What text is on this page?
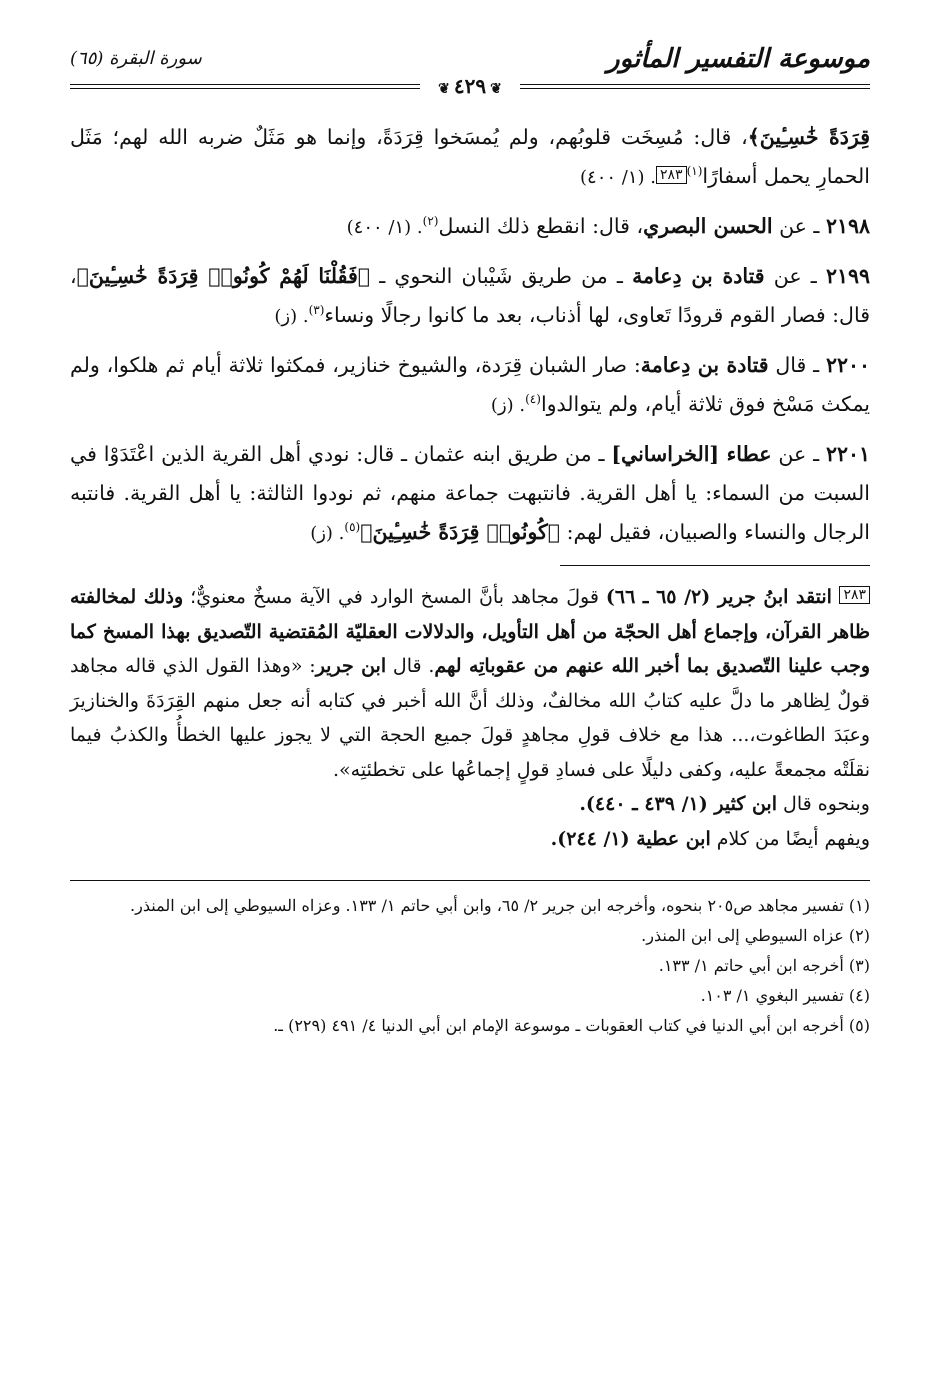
موسوعة التفسير المأثور
سورة البقرة (٦٥)
❦٤٢٩❦

قِرَدَةً خَٰسِـِٔينَ﴾، قال: مُسِخَت قلوبُهم، ولم يُمسَخوا قِرَدَةً، وإنما هو مَثَلٌ ضربه الله لهم؛ مَثَل الحمارِ يحمل أسفارًا$^{(١)}$٢٨٣. (١/ ٤٠٠)

٢١٩٨ ـ عن الحسن البصري، قال: انقطع ذلك النسل$^{(٢)}$. (١/ ٤٠٠)

٢١٩٩ ـ عن قتادة بن دِعامة ـ من طريق شَيْبان النحوي ـ ﴿فَقُلْنَا لَهُمْ كُونُوا۟ قِرَدَةً خَٰسِـِٔينَ﴾، قال: فصار القوم قرودًا تَعاوى، لها أذناب، بعد ما كانوا رجالًا ونساء$^{(٣)}$. (ز)

٢٢٠٠ ـ قال قتادة بن دِعامة: صار الشبان قِرَدة، والشيوخ خنازير، فمكثوا ثلاثة أيام ثم هلكوا، ولم يمكث مَسْخ فوق ثلاثة أيام، ولم يتوالدوا$^{(٤)}$. (ز)

٢٢٠١ ـ عن عطاء [الخراساني] ـ من طريق ابنه عثمان ـ قال: نودي أهل القرية الذين اعْتَدَوْا في السبت من السماء: يا أهل القرية. فانتبهت جماعة منهم، ثم نودوا الثالثة: يا أهل القرية. فانتبه الرجال والنساء والصبيان، فقيل لهم: ﴿كُونُوا۟ قِرَدَةً خَٰسِـِٔينَ﴾$^{(٥)}$. (ز)

٢٨٣ انتقد ابنُ جرير (٢/ ٦٥ ـ ٦٦) قولَ مجاهد بأنَّ المسخ الوارد في الآية مسخٌ معنويٌّ؛ وذلك لمخالفته ظاهر القرآن، وإجماع أهل الحجّة من أهل التأويل، والدلالات العقليّة المُقتضية التّصديق بهذا المسخ كما وجب علينا التّصديق بما أخبر الله عنهم من عقوباتِه لهم. قال ابن جرير: «وهذا القول الذي قاله مجاهد قولٌ لِظاهر ما دلَّ عليه كتابُ الله مخالفٌ، وذلك أنَّ الله أخبر في كتابه أنه جعل منهم القِرَدَةَ والخنازيرَ وعبَدَ الطاغوت،... هذا مع خلاف قولِ مجاهدٍ قولَ جميع الحجة التي لا يجوز عليها الخطأُ والكذبُ فيما نقلَتْه مجمعةً عليه، وكفى دليلًا على فسادِ قولٍ إجماعُها على تخطئتِه».

وبنحوه قال ابن كثير (١/ ٤٣٩ ـ ٤٤٠).

ويفهم أيضًا من كلام ابن عطية (١/ ٢٤٤).

(١) تفسير مجاهد ص٢٠٥ بنحوه، وأخرجه ابن جرير ٢/ ٦٥، وابن أبي حاتم ١/ ١٣٣. وعزاه السيوطي إلى ابن المنذر.

(٢) عزاه السيوطي إلى ابن المنذر.

(٣) أخرجه ابن أبي حاتم ١/ ١٣٣.

(٤) تفسير البغوي ١/ ١٠٣.

(٥) أخرجه ابن أبي الدنيا في كتاب العقوبات ـ موسوعة الإمام ابن أبي الدنيا ٤/ ٤٩١ (٢٢٩) ـ.
